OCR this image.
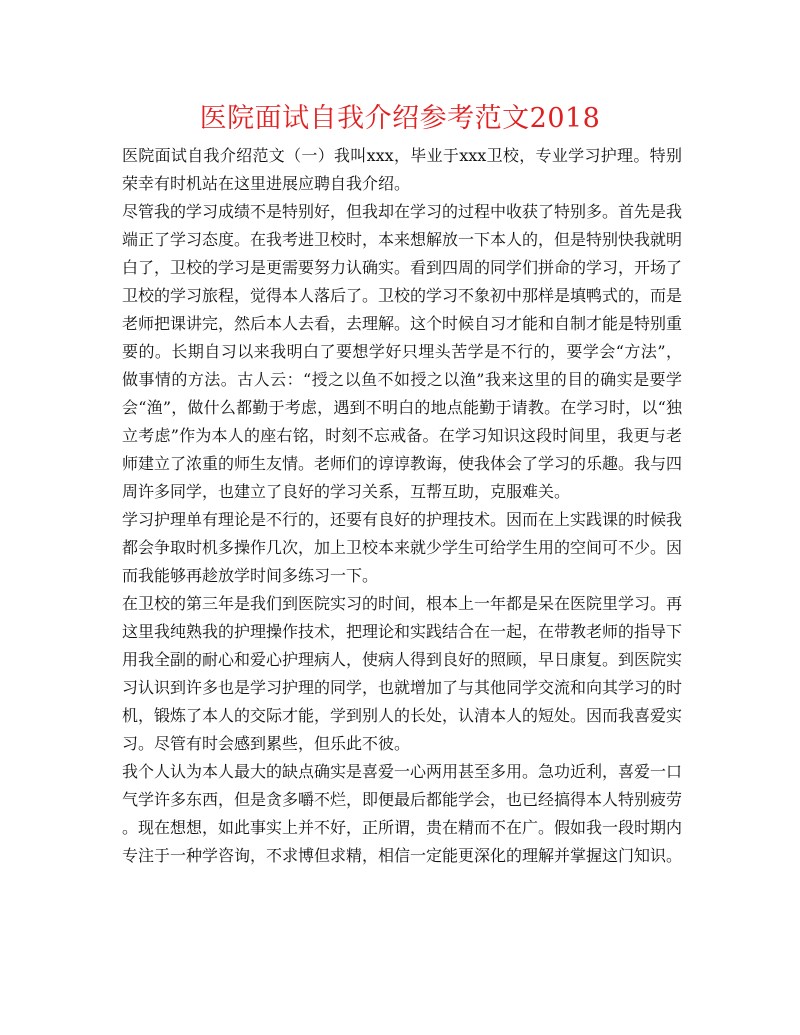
医院面试自我介绍参考范文2018

医院面试自我介绍范文（一）我叫xxx，毕业于xxx卫校，专业学习护理。特别荣幸有时机站在这里进展应聘自我介绍。

尽管我的学习成绩不是特别好，但我却在学习的过程中收获了特别多。首先是我端正了学习态度。在我考进卫校时，本来想解放一下本人的，但是特别快我就明白了，卫校的学习是更需要努力认确实。看到四周的同学们拼命的学习，开场了卫校的学习旅程，觉得本人落后了。卫校的学习不象初中那样是填鸭式的，而是老师把课讲完，然后本人去看，去理解。这个时候自习才能和自制才能是特别重要的。长期自习以来我明白了要想学好只埋头苦学是不行的，要学会“方法”，做事情的方法。古人云：“授之以鱼不如授之以渔”我来这里的目的确实是要学会“渔”，做什么都勤于考虑，遇到不明白的地点能勤于请教。在学习时，以“独立考虑”作为本人的座右铭，时刻不忘戒备。在学习知识这段时间里，我更与老师建立了浓重的师生友情。老师们的谆谆教诲，使我体会了学习的乐趣。我与四周许多同学，也建立了良好的学习关系，互帮互助，克服难关。

学习护理单有理论是不行的，还要有良好的护理技术。因而在上实践课的时候我都会争取时机多操作几次，加上卫校本来就少学生可给学生用的空间可不少。因而我能够再趁放学时间多练习一下。

在卫校的第三年是我们到医院实习的时间，根本上一年都是呆在医院里学习。再这里我纯熟我的护理操作技术，把理论和实践结合在一起，在带教老师的指导下用我全副的耐心和爱心护理病人，使病人得到良好的照顾，早日康复。到医院实习认识到许多也是学习护理的同学，也就增加了与其他同学交流和向其学习的时机，锻炼了本人的交际才能，学到别人的长处，认清本人的短处。因而我喜爱实习。尽管有时会感到累些，但乐此不彼。

我个人认为本人最大的缺点确实是喜爱一心两用甚至多用。急功近利，喜爱一口气学许多东西，但是贪多嚼不烂，即便最后都能学会，也已经搞得本人特别疲劳。现在想想，如此事实上并不好，正所谓，贵在精而不在广。假如我一段时期内专注于一种学咨询，不求博但求精，相信一定能更深化的理解并掌握这门知识。
